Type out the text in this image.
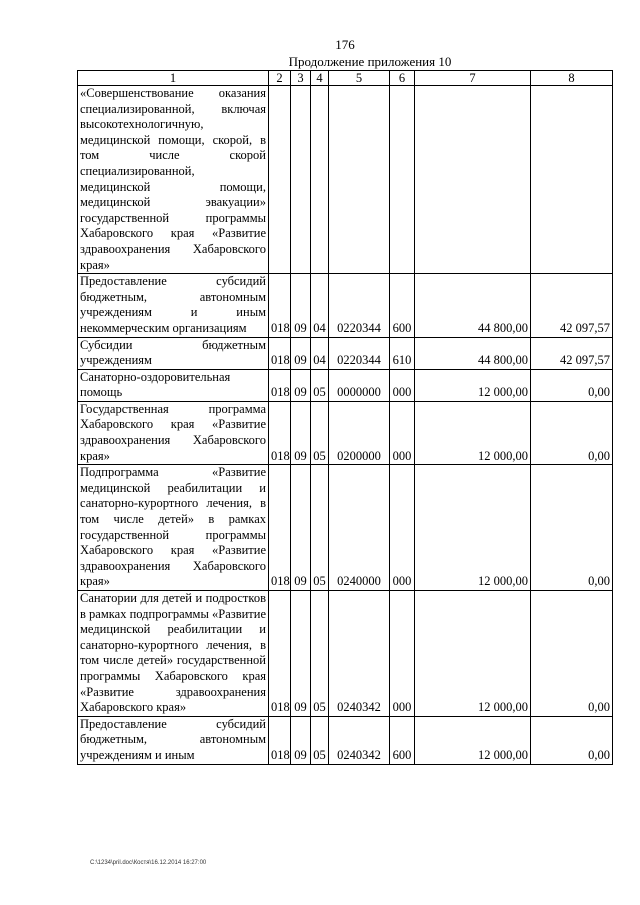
176
Продолжение приложения 10
1	2	3	4	5	6	7	8
«Совершенствование оказания специализированной, включая высокотехнологичную, медицинской помощи, скорой, в том числе скорой специализированной, медицинской помощи, медицинской эвакуации» государственной программы Хабаровского края «Развитие здравоохранения Хабаровского края»							
Предоставление субсидий бюджетным, автономным учреждениям и иным некоммерческим организациям	018	09	04	0220344	600	44 800,00	42 097,57
Субсидии бюджетным учреждениям	018	09	04	0220344	610	44 800,00	42 097,57
Санаторно-оздоровительная помощь	018	09	05	0000000	000	12 000,00	0,00
Государственная программа Хабаровского края «Развитие здравоохранения Хабаровского края»	018	09	05	0200000	000	12 000,00	0,00
Подпрограмма «Развитие медицинской реабилитации и санаторно-курортного лечения, в том числе детей» в рамках государственной программы Хабаровского края «Развитие здравоохранения Хабаровского края»	018	09	05	0240000	000	12 000,00	0,00
Санатории для детей и подростков в рамках подпрограммы «Развитие медицинской реабилитации и санаторно-курортного лечения, в том числе детей» государственной программы Хабаровского края «Развитие здравоохранения Хабаровского края»	018	09	05	0240342	000	12 000,00	0,00
Предоставление субсидий бюджетным, автономным учреждениям и иным	018	09	05	0240342	600	12 000,00	0,00
C:\1234\pril.doc\Костя\16.12.2014 16:27:00
